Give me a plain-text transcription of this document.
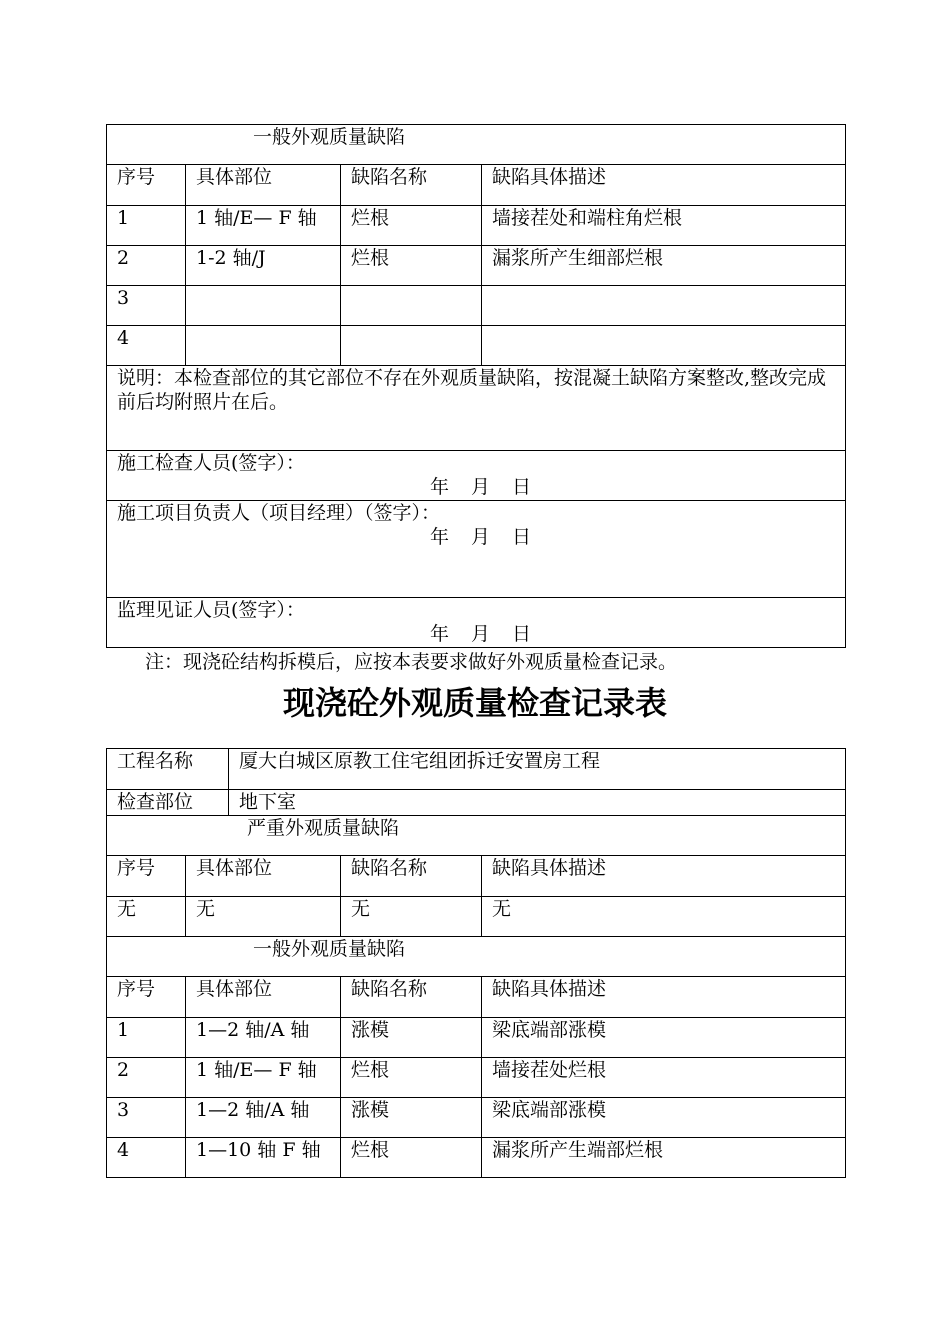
一般外观质量缺陷			
序号	具体部位	缺陷名称	缺陷具体描述
1	1 轴/E— F 轴	烂根	墙接茬处和端柱角烂根
2	1-2 轴/J	烂根	漏浆所产生细部烂根
3			
4			
说明：本检查部位的其它部位不存在外观质量缺陷，按混凝土缺陷方案整改,整改完成前后均附照片在后。			

施工检查人员(签字）：
年 月 日			

施工项目负责人（项目经理）（签字）：
年 月 日			

监理见证人员(签字）：
年 月 日			
注：现浇砼结构拆模后，应按本表要求做好外观质量检查记录。
现浇砼外观质量检查记录表
工程名称		厦大白城区原教工住宅组团拆迁安置房工程		
检查部位		地下室		
严重外观质量缺陷				
序号	具体部位		缺陷名称	缺陷具体描述
无	无		无	无
一般外观质量缺陷				
序号	具体部位		缺陷名称	缺陷具体描述
1	1—2 轴/A 轴		涨模	梁底端部涨模
2	1 轴/E— F 轴		烂根	墙接茬处烂根
3	1—2 轴/A 轴		涨模	梁底端部涨模
4	1—10 轴 F 轴		烂根	漏浆所产生端部烂根
